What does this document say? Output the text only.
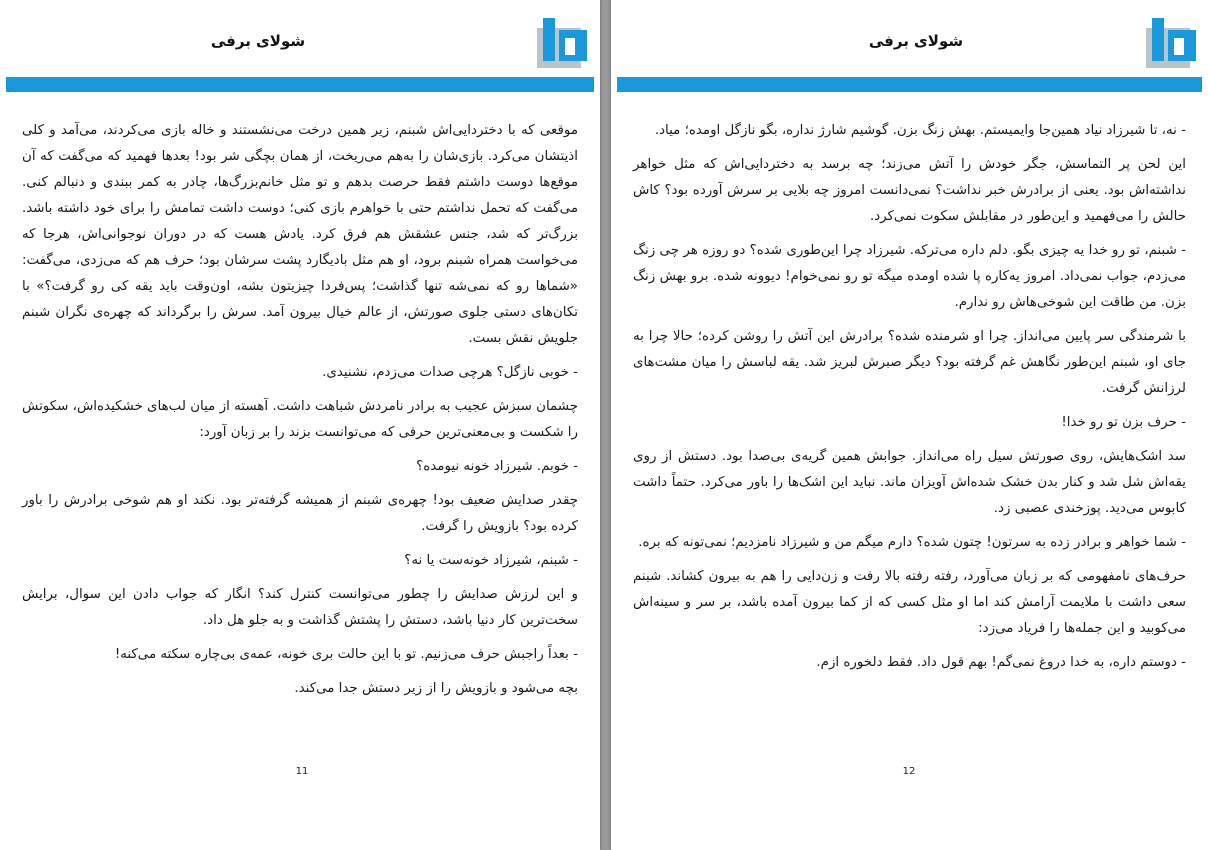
شولای برفی

موقعی که با دختردایی‌اش شبنم، زیر همین درخت می‌نشستند و خاله بازی می‌کردند، می‌آمد و کلی اذیتشان می‌کرد. بازی‌شان را به‌هم می‌ریخت، از همان بچگی شر بود! بعدها فهمید که می‌گفت که آن موقع‌ها دوست داشتم فقط حرصت بدهم و تو مثل خانم‌بزرگ‌ها، چادر به کمر ببندی و دنبالم کنی. می‌گفت که تحمل نداشتم حتی با خواهرم بازی کنی؛ دوست داشت تمامش را برای خود داشته باشد. بزرگ‌تر که شد، جنس عشقش هم فرق کرد. یادش هست که در دوران نوجوانی‌اش، هرجا که می‌خواست همراه شبنم برود، او هم مثل بادیگارد پشت سرشان بود؛ حرف هم که می‌زدی، می‌گفت: «شماها رو که نمی‌شه تنها گذاشت؛ پس‌فردا چیزیتون بشه، اون‌وقت باید یقه کی رو گرفت؟» با تکان‌های دستی جلوی صورتش، از عالم خیال بیرون آمد. سرش را برگرداند که چهره‌ی نگران شبنم جلویش نقش بست.

- خوبی نازگل؟ هرچی صدات می‌زدم، نشنیدی.

چشمان سبزش عجیب به برادر نامردش شباهت داشت. آهسته از میان لب‌های خشکیده‌اش، سکوتش را شکست و بی‌معنی‌ترین حرفی که می‌توانست بزند را بر زبان آورد:

- خوبم. شیرزاد خونه نیومده؟

چقدر صدایش ضعیف بود! چهره‌ی شبنم از همیشه گرفته‌تر بود. نکند او هم شوخی برادرش را باور کرده بود؟ بازویش را گرفت.

- شبنم، شیرزاد خونه‌ست یا نه؟

و این لرزش صدایش را چطور می‌توانست کنترل کند؟ انگار که جواب دادن این سوال، برایش سخت‌ترین کار دنیا باشد، دستش را پشتش گذاشت و به جلو هل داد.

- بعداً راجبش حرف می‌زنیم. تو با این حالت بری خونه، عمه‌ی بی‌چاره سکته می‌کنه!

بچه می‌شود و بازویش را از زیر دستش جدا می‌کند.

11
شولای برفی

- نه، تا شیرزاد نیاد همین‌جا وایمیستم. بهش زنگ بزن. گوشیم شارژ نداره، بگو نازگل اومده؛ میاد.

این لحن پر التماسش، جگر خودش را آتش می‌زند؛ چه برسد به دختردایی‌اش که مثل خواهر نداشته‌اش بود. یعنی از برادرش خبر نداشت؟ نمی‌دانست امروز چه بلایی بر سرش آورده بود؟ کاش حالش را می‌فهمید و این‌طور در مقابلش سکوت نمی‌کرد.

- شبنم، تو رو خدا یه چیزی بگو. دلم داره می‌ترکه. شیرزاد چرا این‌طوری شده؟ دو روزه هر چی زنگ می‌زدم، جواب نمی‌داد. امروز یه‌کاره پا شده اومده میگه تو رو نمی‌خوام! دیوونه شده. برو بهش زنگ بزن. من طاقت این شوخی‌هاش رو ندارم.

با شرمندگی سر پایین می‌انداز. چرا او شرمنده شده؟ برادرش این آتش را روشن کرده؛ حالا چرا به جای او، شبنم این‌طور نگاهش غم گرفته بود؟ دیگر صبرش لبریز شد. یقه لباسش را میان مشت‌های لرزانش گرفت.

- حرف بزن تو رو خدا!

سد اشک‌هایش، روی صورتش سیل راه می‌انداز. جوابش همین گریه‌ی بی‌صدا بود. دستش از روی یقه‌اش شل شد و کنار بدن خشک شده‌اش آویزان ماند. نباید این اشک‌ها را باور می‌کرد. حتماً داشت کابوس می‌دید. پوزخندی عصبی زد.

- شما خواهر و برادر زده به سرتون! چتون شده؟ دارم میگم من و شیرزاد نامزدیم؛ نمی‌تونه که بره.

حرف‌های نامفهومی که بر زبان می‌آورد، رفته رفته بالا رفت و زن‌دایی را هم به بیرون کشاند. شبنم سعی داشت با ملایمت آرامش کند اما او مثل کسی که از کما بیرون آمده باشد، بر سر و سینه‌اش می‌کوبید و این جمله‌ها را فریاد می‌زد:

- دوستم داره، به خدا دروغ نمی‌گم! بهم قول داد. فقط دلخوره ازم.

12
